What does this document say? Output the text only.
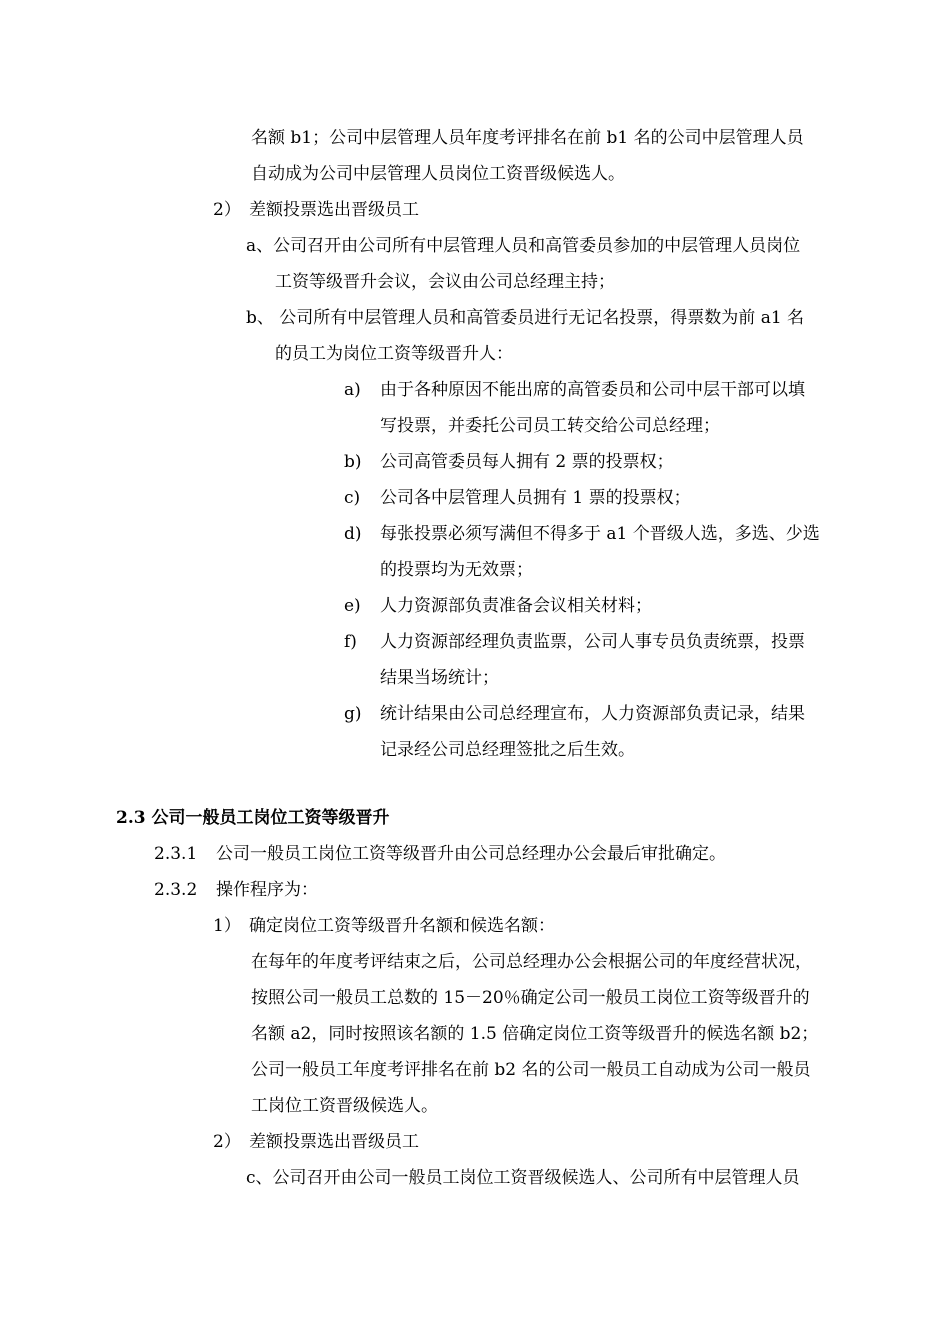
名额 b1；公司中层管理人员年度考评排名在前 b1 名的公司中层管理人员
自动成为公司中层管理人员岗位工资晋级候选人。
2） 差额投票选出晋级员工
a、公司召开由公司所有中层管理人员和高管委员参加的中层管理人员岗位
工资等级晋升会议，会议由公司总经理主持；
b、 公司所有中层管理人员和高管委员进行无记名投票，得票数为前 a1 名
的员工为岗位工资等级晋升人：
a) 由于各种原因不能出席的高管委员和公司中层干部可以填
写投票，并委托公司员工转交给公司总经理；
b) 公司高管委员每人拥有 2 票的投票权；
c) 公司各中层管理人员拥有 1 票的投票权；
d) 每张投票必须写满但不得多于 a1 个晋级人选，多选、少选
的投票均为无效票；
e) 人力资源部负责准备会议相关材料；
f) 人力资源部经理负责监票，公司人事专员负责统票，投票
结果当场统计；
g) 统计结果由公司总经理宣布，人力资源部负责记录，结果
记录经公司总经理签批之后生效。
2.3 公司一般员工岗位工资等级晋升
2.3.1 公司一般员工岗位工资等级晋升由公司总经理办公会最后审批确定。
2.3.2 操作程序为：
1） 确定岗位工资等级晋升名额和候选名额：
在每年的年度考评结束之后，公司总经理办公会根据公司的年度经营状况，
按照公司一般员工总数的 15－20％确定公司一般员工岗位工资等级晋升的
名额 a2，同时按照该名额的 1.5 倍确定岗位工资等级晋升的候选名额 b2；
公司一般员工年度考评排名在前 b2 名的公司一般员工自动成为公司一般员
工岗位工资晋级候选人。
2） 差额投票选出晋级员工
c、公司召开由公司一般员工岗位工资晋级候选人、公司所有中层管理人员
